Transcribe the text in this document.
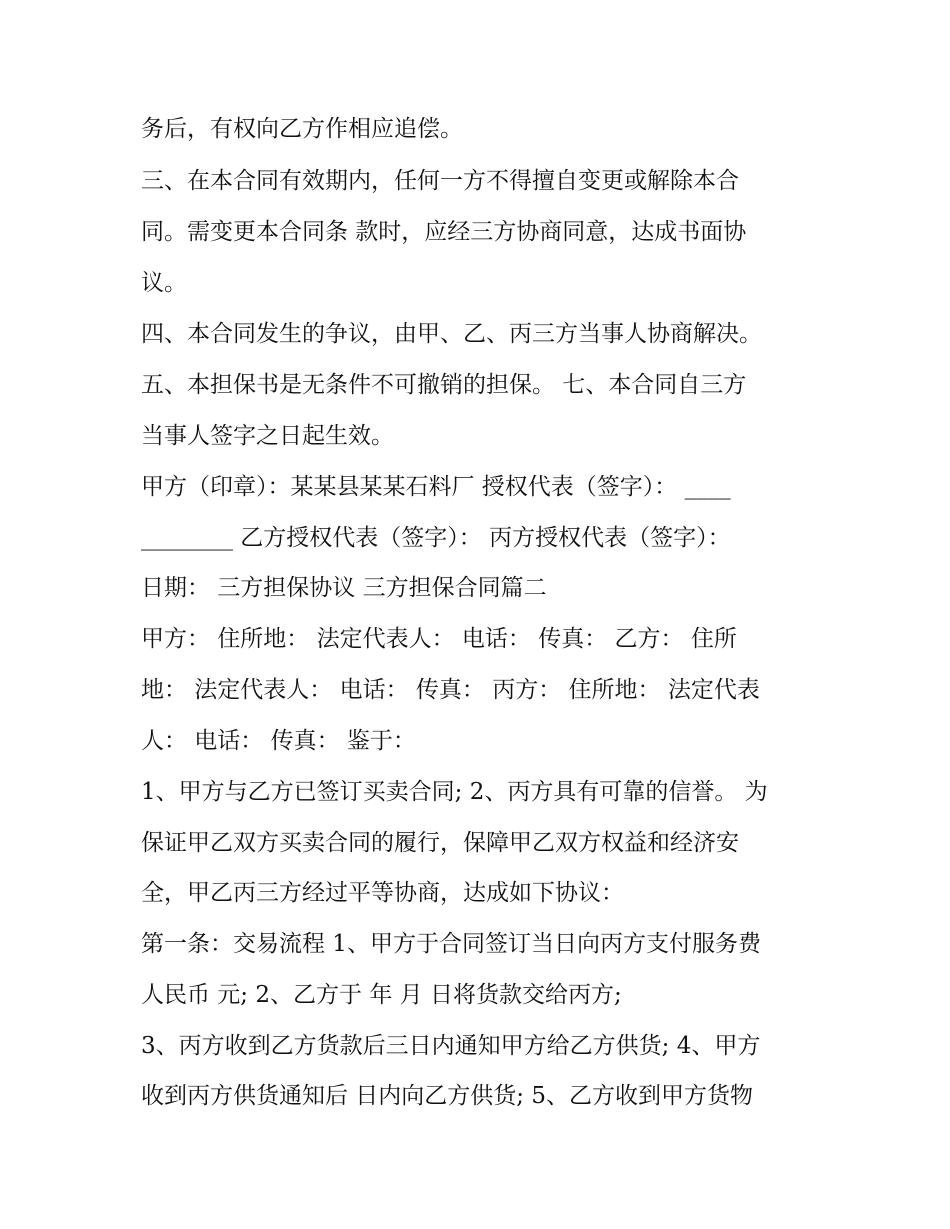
务后，有权向乙方作相应追偿。

三、在本合同有效期内，任何一方不得擅自变更或解除本合

同。需变更本合同条 款时，应经三方协商同意，达成书面协

议。

四、本合同发生的争议，由甲、乙、丙三方当事人协商解决。

五、本担保书是无条件不可撤销的担保。 七、本合同自三方

当事人签字之日起生效。

甲方（印章）：某某县某某石料厂 授权代表（签字）： ____

________ 乙方授权代表（签字）： 丙方授权代表（签字）：

日期： 三方担保协议 三方担保合同篇二

甲方： 住所地： 法定代表人： 电话： 传真： 乙方： 住所

地： 法定代表人： 电话： 传真： 丙方： 住所地： 法定代表

人： 电话： 传真： 鉴于：

1、甲方与乙方已签订买卖合同; 2、丙方具有可靠的信誉。 为

保证甲乙双方买卖合同的履行，保障甲乙双方权益和经济安

全，甲乙丙三方经过平等协商，达成如下协议：

第一条：交易流程 1、甲方于合同签订当日向丙方支付服务费

人民币 元; 2、乙方于 年 月 日将货款交给丙方;

3、丙方收到乙方货款后三日内通知甲方给乙方供货; 4、甲方

收到丙方供货通知后 日内向乙方供货; 5、乙方收到甲方货物
